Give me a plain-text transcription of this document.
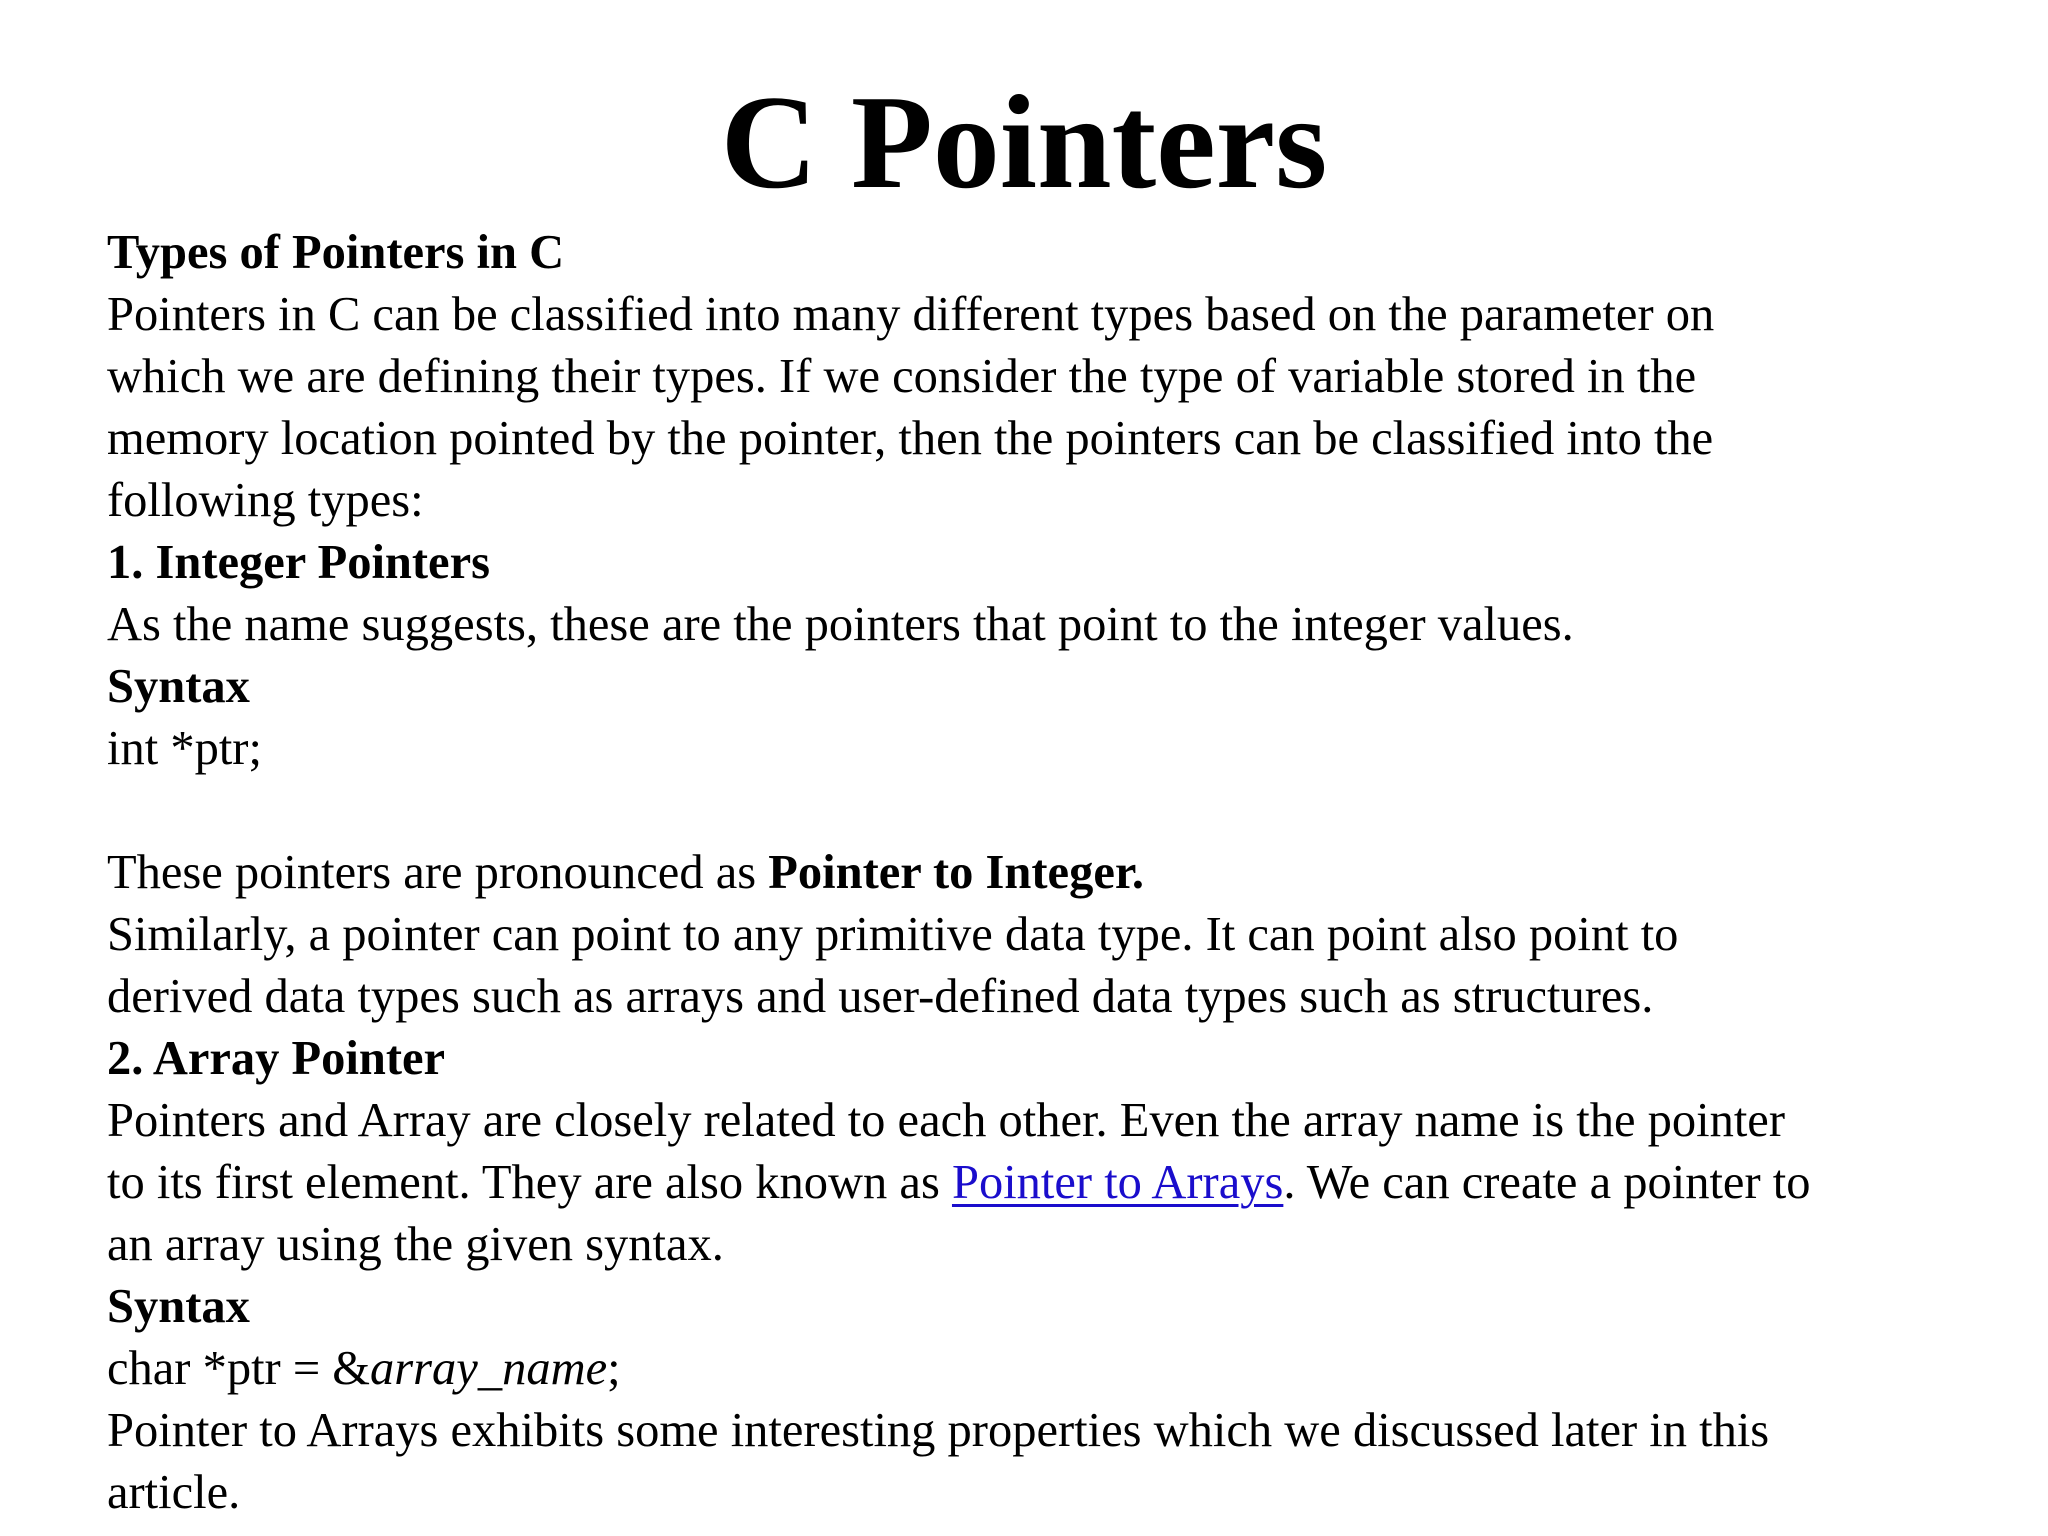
C Pointers
Types of Pointers in C
Pointers in C can be classified into many different types based on the parameter on
which we are defining their types. If we consider the type of variable stored in the
memory location pointed by the pointer, then the pointers can be classified into the
following types:
1. Integer Pointers
As the name suggests, these are the pointers that point to the integer values.
Syntax
int *ptr;
These pointers are pronounced as Pointer to Integer.
Similarly, a pointer can point to any primitive data type. It can point also point to
derived data types such as arrays and user-defined data types such as structures.
2. Array Pointer
Pointers and Array are closely related to each other. Even the array name is the pointer
to its first element. They are also known as Pointer to Arrays. We can create a pointer to
an array using the given syntax.
Syntax
char *ptr = &array_name;
Pointer to Arrays exhibits some interesting properties which we discussed later in this
article.
